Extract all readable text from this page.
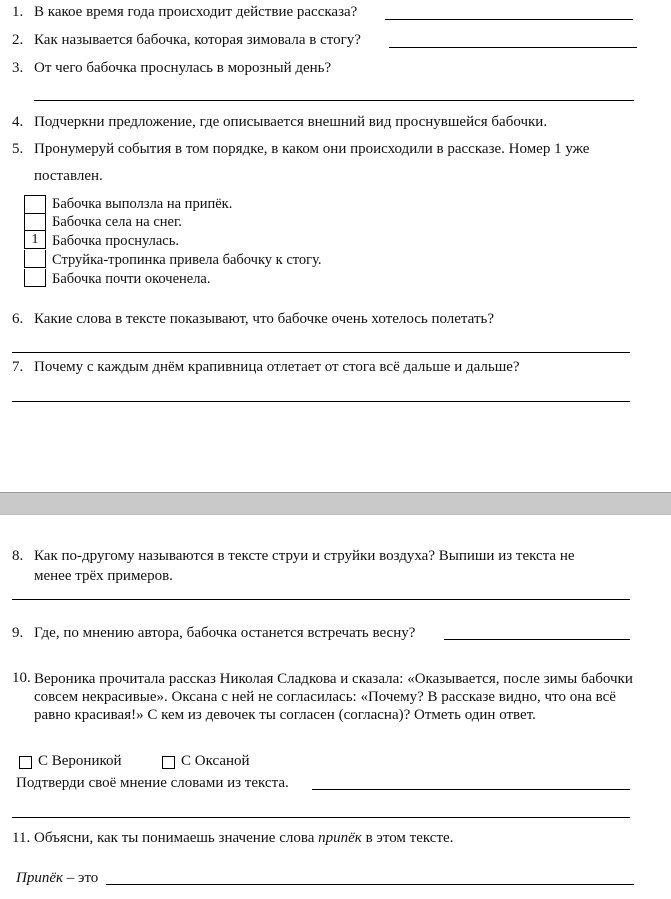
1. В какое время года происходит действие рассказа?
2. Как называется бабочка, которая зимовала в стогу?
3. От чего бабочка проснулась в морозный день?
4. Подчеркни предложение, где описывается внешний вид проснувшейся бабочки.
5. Пронумеруй события в том порядке, в каком они происходили в рассказе. Номер 1 уже
поставлен.
Бабочка выползла на припёк.
Бабочка села на снег.
1 Бабочка проснулась.
Струйка-тропинка привела бабочку к стогу.
Бабочка почти окоченела.
6. Какие слова в тексте показывают, что бабочке очень хотелось полетать?
7. Почему с каждым днём крапивница отлетает от стога всё дальше и дальше?
8. Как по-другому называются в тексте струи и струйки воздуха? Выпиши из текста не
менее трёх примеров.
9. Где, по мнению автора, бабочка останется встречать весну?
10. Вероника прочитала рассказ Николая Сладкова и сказала: «Оказывается, после зимы бабочки совсем некрасивые». Оксана с ней не согласилась: «Почему? В рассказе видно, что она всё равно красивая!» С кем из девочек ты согласен (согласна)? Отметь один ответ.
С Вероникой	С Оксаной
Подтверди своё мнение словами из текста.
11. Объясни, как ты понимаешь значение слова припёк в этом тексте.
Припёк – это
